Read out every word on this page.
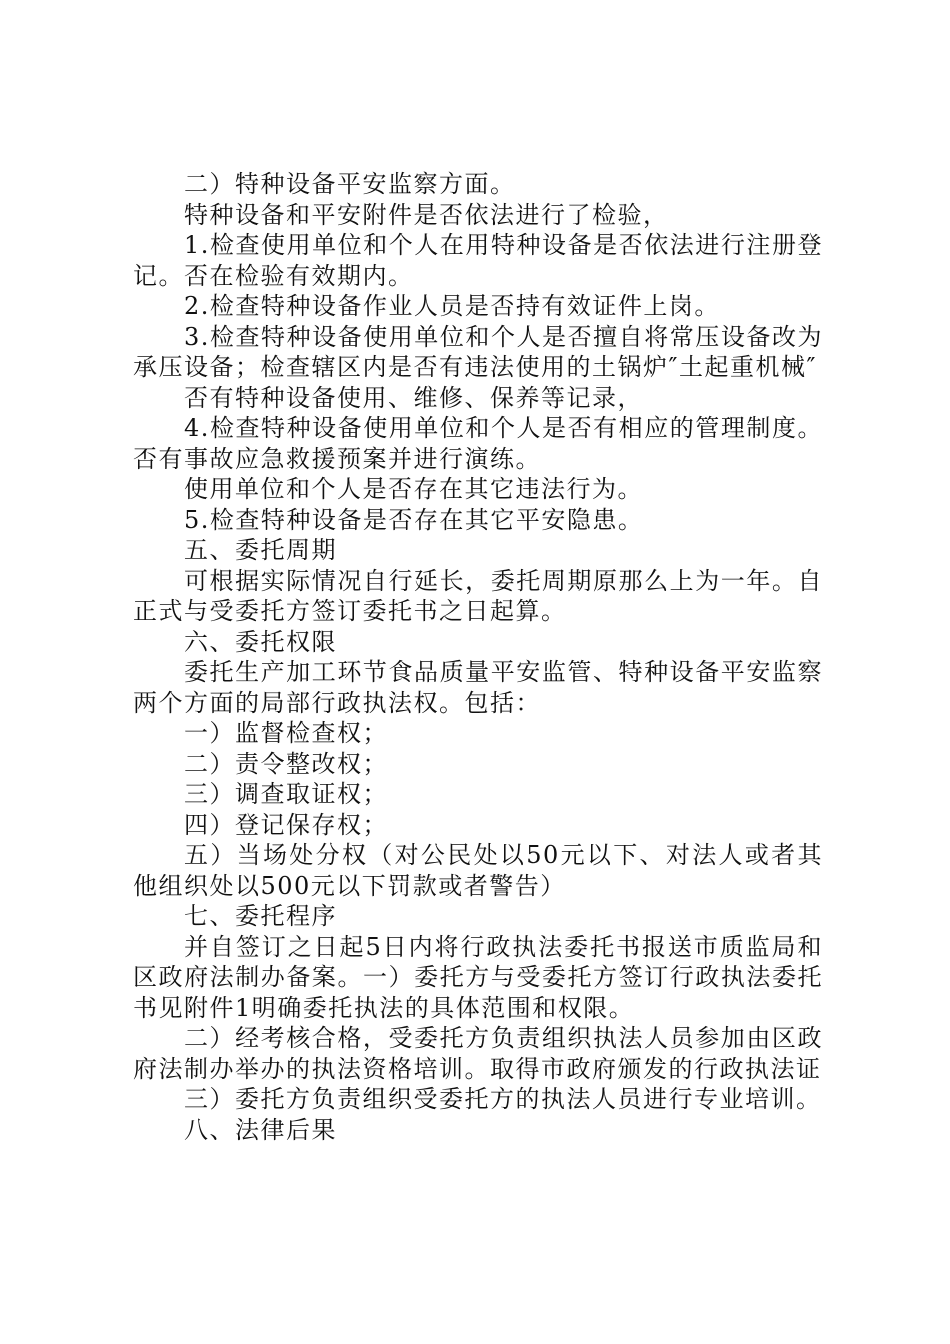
二）特种设备平安监察方面。

特种设备和平安附件是否依法进行了检验，

1.检查使用单位和个人在用特种设备是否依法进行注册登记。否在检验有效期内。

2.检查特种设备作业人员是否持有效证件上岗。

3.检查特种设备使用单位和个人是否擅自将常压设备改为承压设备；检查辖区内是否有违法使用的土锅炉″土起重机械″

否有特种设备使用、维修、保养等记录，

4.检查特种设备使用单位和个人是否有相应的管理制度。否有事故应急救援预案并进行演练。

使用单位和个人是否存在其它违法行为。

5.检查特种设备是否存在其它平安隐患。

五、委托周期

可根据实际情况自行延长，委托周期原那么上为一年。自正式与受委托方签订委托书之日起算。

六、委托权限

委托生产加工环节食品质量平安监管、特种设备平安监察两个方面的局部行政执法权。包括：

一）监督检查权；

二）责令整改权；

三）调查取证权；

四）登记保存权；

五）当场处分权（对公民处以50元以下、对法人或者其他组织处以500元以下罚款或者警告）

七、委托程序

并自签订之日起5日内将行政执法委托书报送市质监局和区政府法制办备案。一）委托方与受委托方签订行政执法委托书见附件1明确委托执法的具体范围和权限。

二）经考核合格，受委托方负责组织执法人员参加由区政府法制办举办的执法资格培训。取得市政府颁发的行政执法证

三）委托方负责组织受委托方的执法人员进行专业培训。

八、法律后果
